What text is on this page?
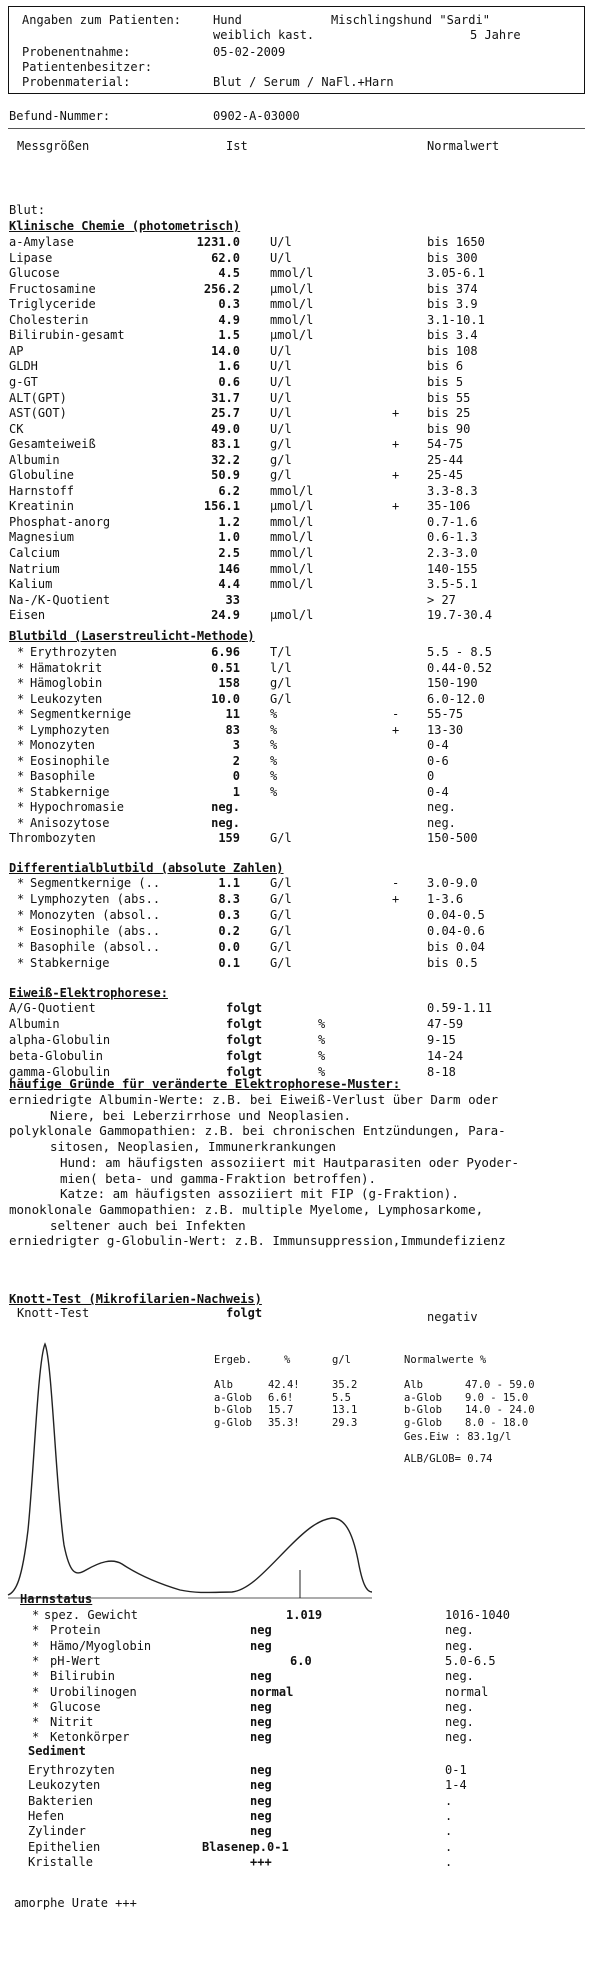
Angaben zum Patienten:	Hund	Mischlingshund "Sardi"
weiblich kast.	5 Jahre
Probenentnahme:	05-02-2009
Patientenbesitzer:
Probenmaterial:	Blut / Serum / NaFl.+Harn
Befund-Nummer:	0902-A-03000
Messgrößen	Ist	Normalwert
Blut:
Klinische Chemie (photometrisch)
a-Amylase	1231.0	U/l	bis 1650
Lipase	62.0	U/l	bis 300
Glucose	4.5	mmol/l	3.05-6.1
Fructosamine	256.2	µmol/l	bis 374
Triglyceride	0.3	mmol/l	bis 3.9
Cholesterin	4.9	mmol/l	3.1-10.1
Bilirubin-gesamt	1.5	µmol/l	bis 3.4
AP	14.0	U/l	bis 108
GLDH	1.6	U/l	bis 6
g-GT	0.6	U/l	bis 5
ALT(GPT)	31.7	U/l	bis 55
AST(GOT)	25.7	U/l	+ bis 25
CK	49.0	U/l	bis 90
Gesamteiweiß	83.1	g/l	+ 54-75
Albumin	32.2	g/l	25-44
Globuline	50.9	g/l	+ 25-45
Harnstoff	6.2	mmol/l	3.3-8.3
Kreatinin	156.1	µmol/l	+ 35-106
Phosphat-anorg	1.2	mmol/l	0.7-1.6
Magnesium	1.0	mmol/l	0.6-1.3
Calcium	2.5	mmol/l	2.3-3.0
Natrium	146	mmol/l	140-155
Kalium	4.4	mmol/l	3.5-5.1
Na-/K-Quotient	33	> 27
Eisen	24.9	µmol/l	19.7-30.4
Blutbild (Laserstreulicht-Methode)
* Erythrozyten	6.96	T/l	5.5 - 8.5
* Hämatokrit	0.51	l/l	0.44-0.52
* Hämoglobin	158	g/l	150-190
* Leukozyten	10.0	G/l	6.0-12.0
* Segmentkernige	11	%	- 55-75
* Lymphozyten	83	%	+ 13-30
* Monozyten	3	%	0-4
* Eosinophile	2	%	0-6
* Basophile	0	%	0
* Stabkernige	1	%	0-4
* Hypochromasie	neg.	neg.
* Aniso​zytose	neg.	neg.
Thrombozyten	159	G/l	150-500
Differentialblutbild (absolute Zahlen)
* Segmentkernige (..	1.1	G/l	- 3.0-9.0
* Lymphozyten (abs..	8.3	G/l	+ 1-3.6
* Monozyten (absol..	0.3	G/l	0.04-0.5
* Eosinophile (abs..	0.2	G/l	0.04-0.6
* Basophile (absol..	0.0	G/l	bis 0.04
* Stabkernige	0.1	G/l	bis 0.5
Eiweiß-Elektrophorese:
A/G-Quotient	folgt	0.59-1.11
Albumin	folgt	%	47-59
alpha-Globulin	folgt	%	9-15
beta-Globulin	folgt	%	14-24
gamma-Globulin	folgt	%	8-18
häufige Gründe für veränderte Elektrophorese-Muster:
erniedrigte Albumin-Werte: z.B. bei Eiweiß-Verlust über Darm oder
Niere, bei Leberzirrhose und Neoplasien.
polyklonale Gammopathien: z.B. bei chronischen Entzündungen, Para-
sitosen, Neoplasien, Immunerkrankungen
Hund: am häufigsten assoziiert mit Hautparasiten oder Pyoder-
mien( beta- und gamma-Fraktion betroffen).
Katze: am häufigsten assoziiert mit FIP (g-Fraktion).
monoklonale Gammopathien: z.B. multiple Myelome, Lymphosarkome,
seltener auch bei Infekten
erniedrigter g-Globulin-Wert: z.B. Immunsuppression,Immundefizienz
Knott-Test (Mikrofilarien-Nachweis)
Knott-Test	folgt	negativ
Ergeb.	%	g/l
Alb	42.4!	35.2
a-Glob 6.6!	5.5
b-Glob 15.7	13.1
g-Glob 35.3!	29.3
Normalwerte %
Alb	47.0 - 59.0
a-Glob 9.0 - 15.0
b-Glob 14.0 - 24.0
g-Glob 8.0 - 18.0
Ges.Eiw : 83.1g/l
ALB/GLOB= 0.74
Harnstatus
* spez. Gewicht	1.019	1016-1040
* Protein	neg	neg.
* Hämo/Myoglobin	neg	neg.
* pH-Wert	6.0	5.0-6.5
* Bilirubin	neg	neg.
* Urobilinogen	normal	normal
* Glucose	neg	neg.
* Nitrit	neg	neg.
* Ketonkörper	neg	neg.
Sediment
Erythrozyten	neg	0-1
Leukozyten	neg	1-4
Bakterien	neg	.
Hefen	neg	.
Zylinder	neg	.
Epithelien	Blasenep.0-1	.
Kristalle	+++	.
amorphe Urate +++
